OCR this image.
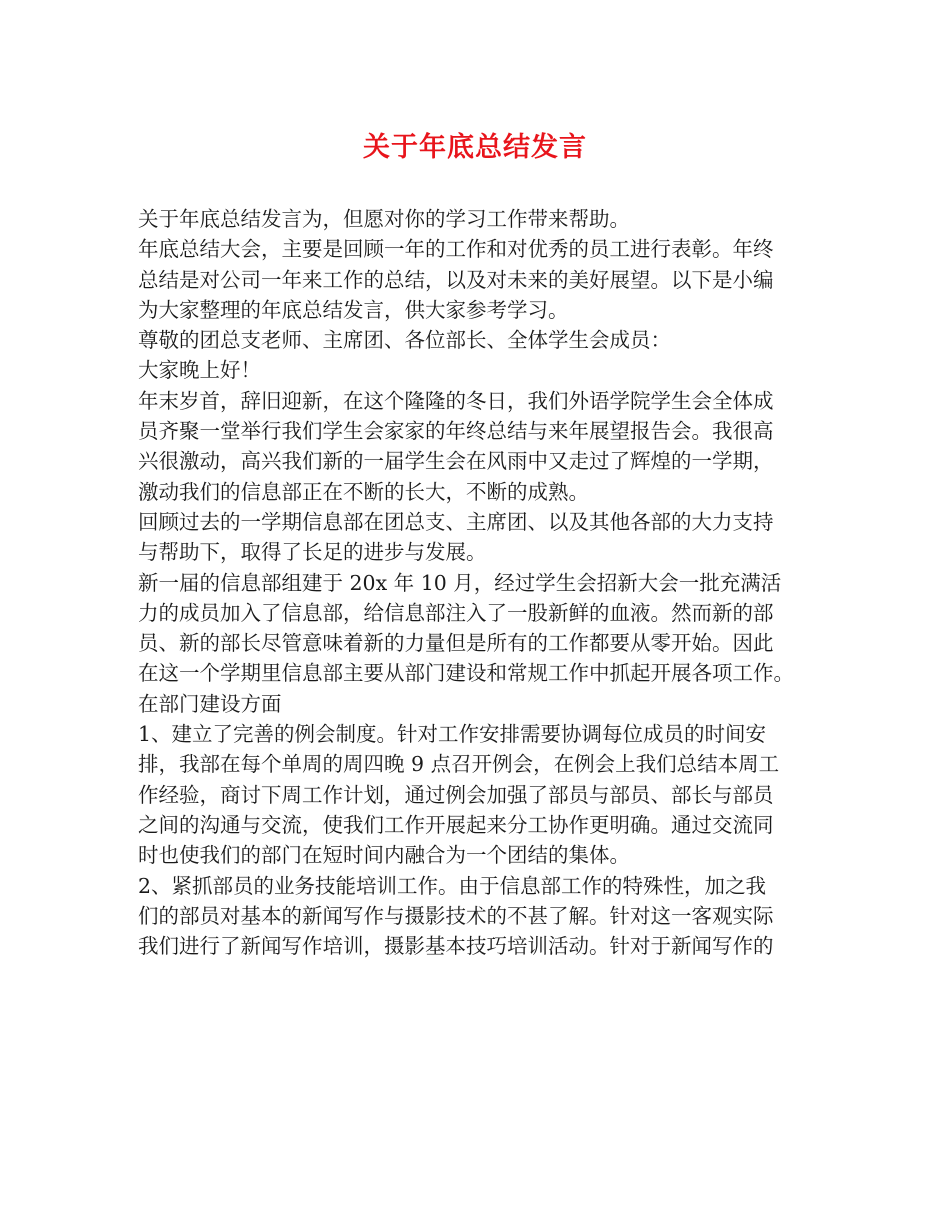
关于年底总结发言
关于年底总结发言为，但愿对你的学习工作带来帮助。
年底总结大会，主要是回顾一年的工作和对优秀的员工进行表彰。年终
总结是对公司一年来工作的总结，以及对未来的美好展望。以下是小编
为大家整理的年底总结发言，供大家参考学习。
尊敬的团总支老师、主席团、各位部长、全体学生会成员：
大家晚上好！
年末岁首，辞旧迎新，在这个隆隆的冬日，我们外语学院学生会全体成
员齐聚一堂举行我们学生会家家的年终总结与来年展望报告会。我很高
兴很激动，高兴我们新的一届学生会在风雨中又走过了辉煌的一学期，
激动我们的信息部正在不断的长大，不断的成熟。
回顾过去的一学期信息部在团总支、主席团、以及其他各部的大力支持
与帮助下，取得了长足的进步与发展。
新一届的信息部组建于 20x 年 10 月，经过学生会招新大会一批充满活
力的成员加入了信息部，给信息部注入了一股新鲜的血液。然而新的部
员、新的部长尽管意味着新的力量但是所有的工作都要从零开始。因此
在这一个学期里信息部主要从部门建设和常规工作中抓起开展各项工作。
在部门建设方面
1、建立了完善的例会制度。针对工作安排需要协调每位成员的时间安
排，我部在每个单周的周四晚 9 点召开例会，在例会上我们总结本周工
作经验，商讨下周工作计划，通过例会加强了部员与部员、部长与部员
之间的沟通与交流，使我们工作开展起来分工协作更明确。通过交流同
时也使我们的部门在短时间内融合为一个团结的集体。
2、紧抓部员的业务技能培训工作。由于信息部工作的特殊性，加之我
们的部员对基本的新闻写作与摄影技术的不甚了解。针对这一客观实际
我们进行了新闻写作培训，摄影基本技巧培训活动。针对于新闻写作的
